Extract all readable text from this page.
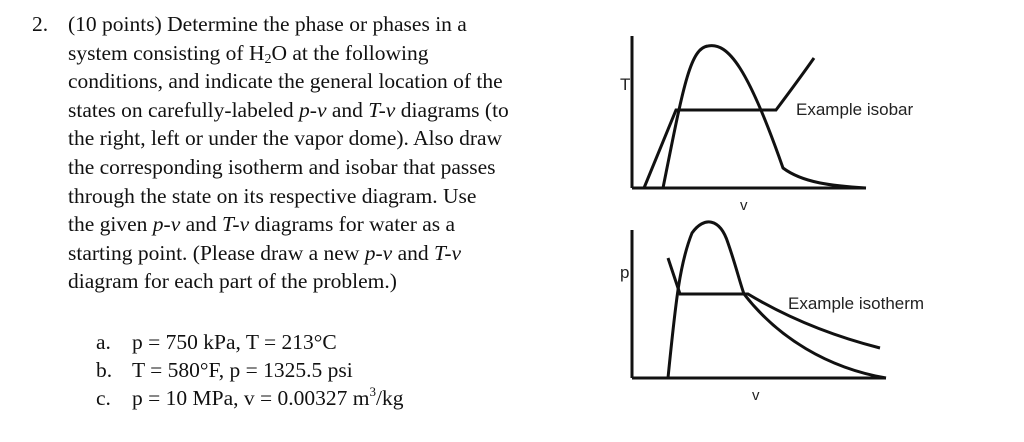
2. (10 points) Determine the phase or phases in a
system consisting of $H_2O$ at the following
conditions, and indicate the general location of the
states on carefully-labeled p-v and T-v diagrams (to
the right, left or under the vapor dome). Also draw
the corresponding isotherm and isobar that passes
through the state on its respective diagram. Use
the given p-v and T-v diagrams for water as a
starting point. (Please draw a new p-v and T-v
diagram for each part of the problem.)
a. p = 750 kPa, T = 213°C
b. T = 580°F, p = 1325.5 psi
c. p = 10 MPa, v = 0.00327 $m^3/kg$
T
v
Example isobar
p
v
Example isotherm
